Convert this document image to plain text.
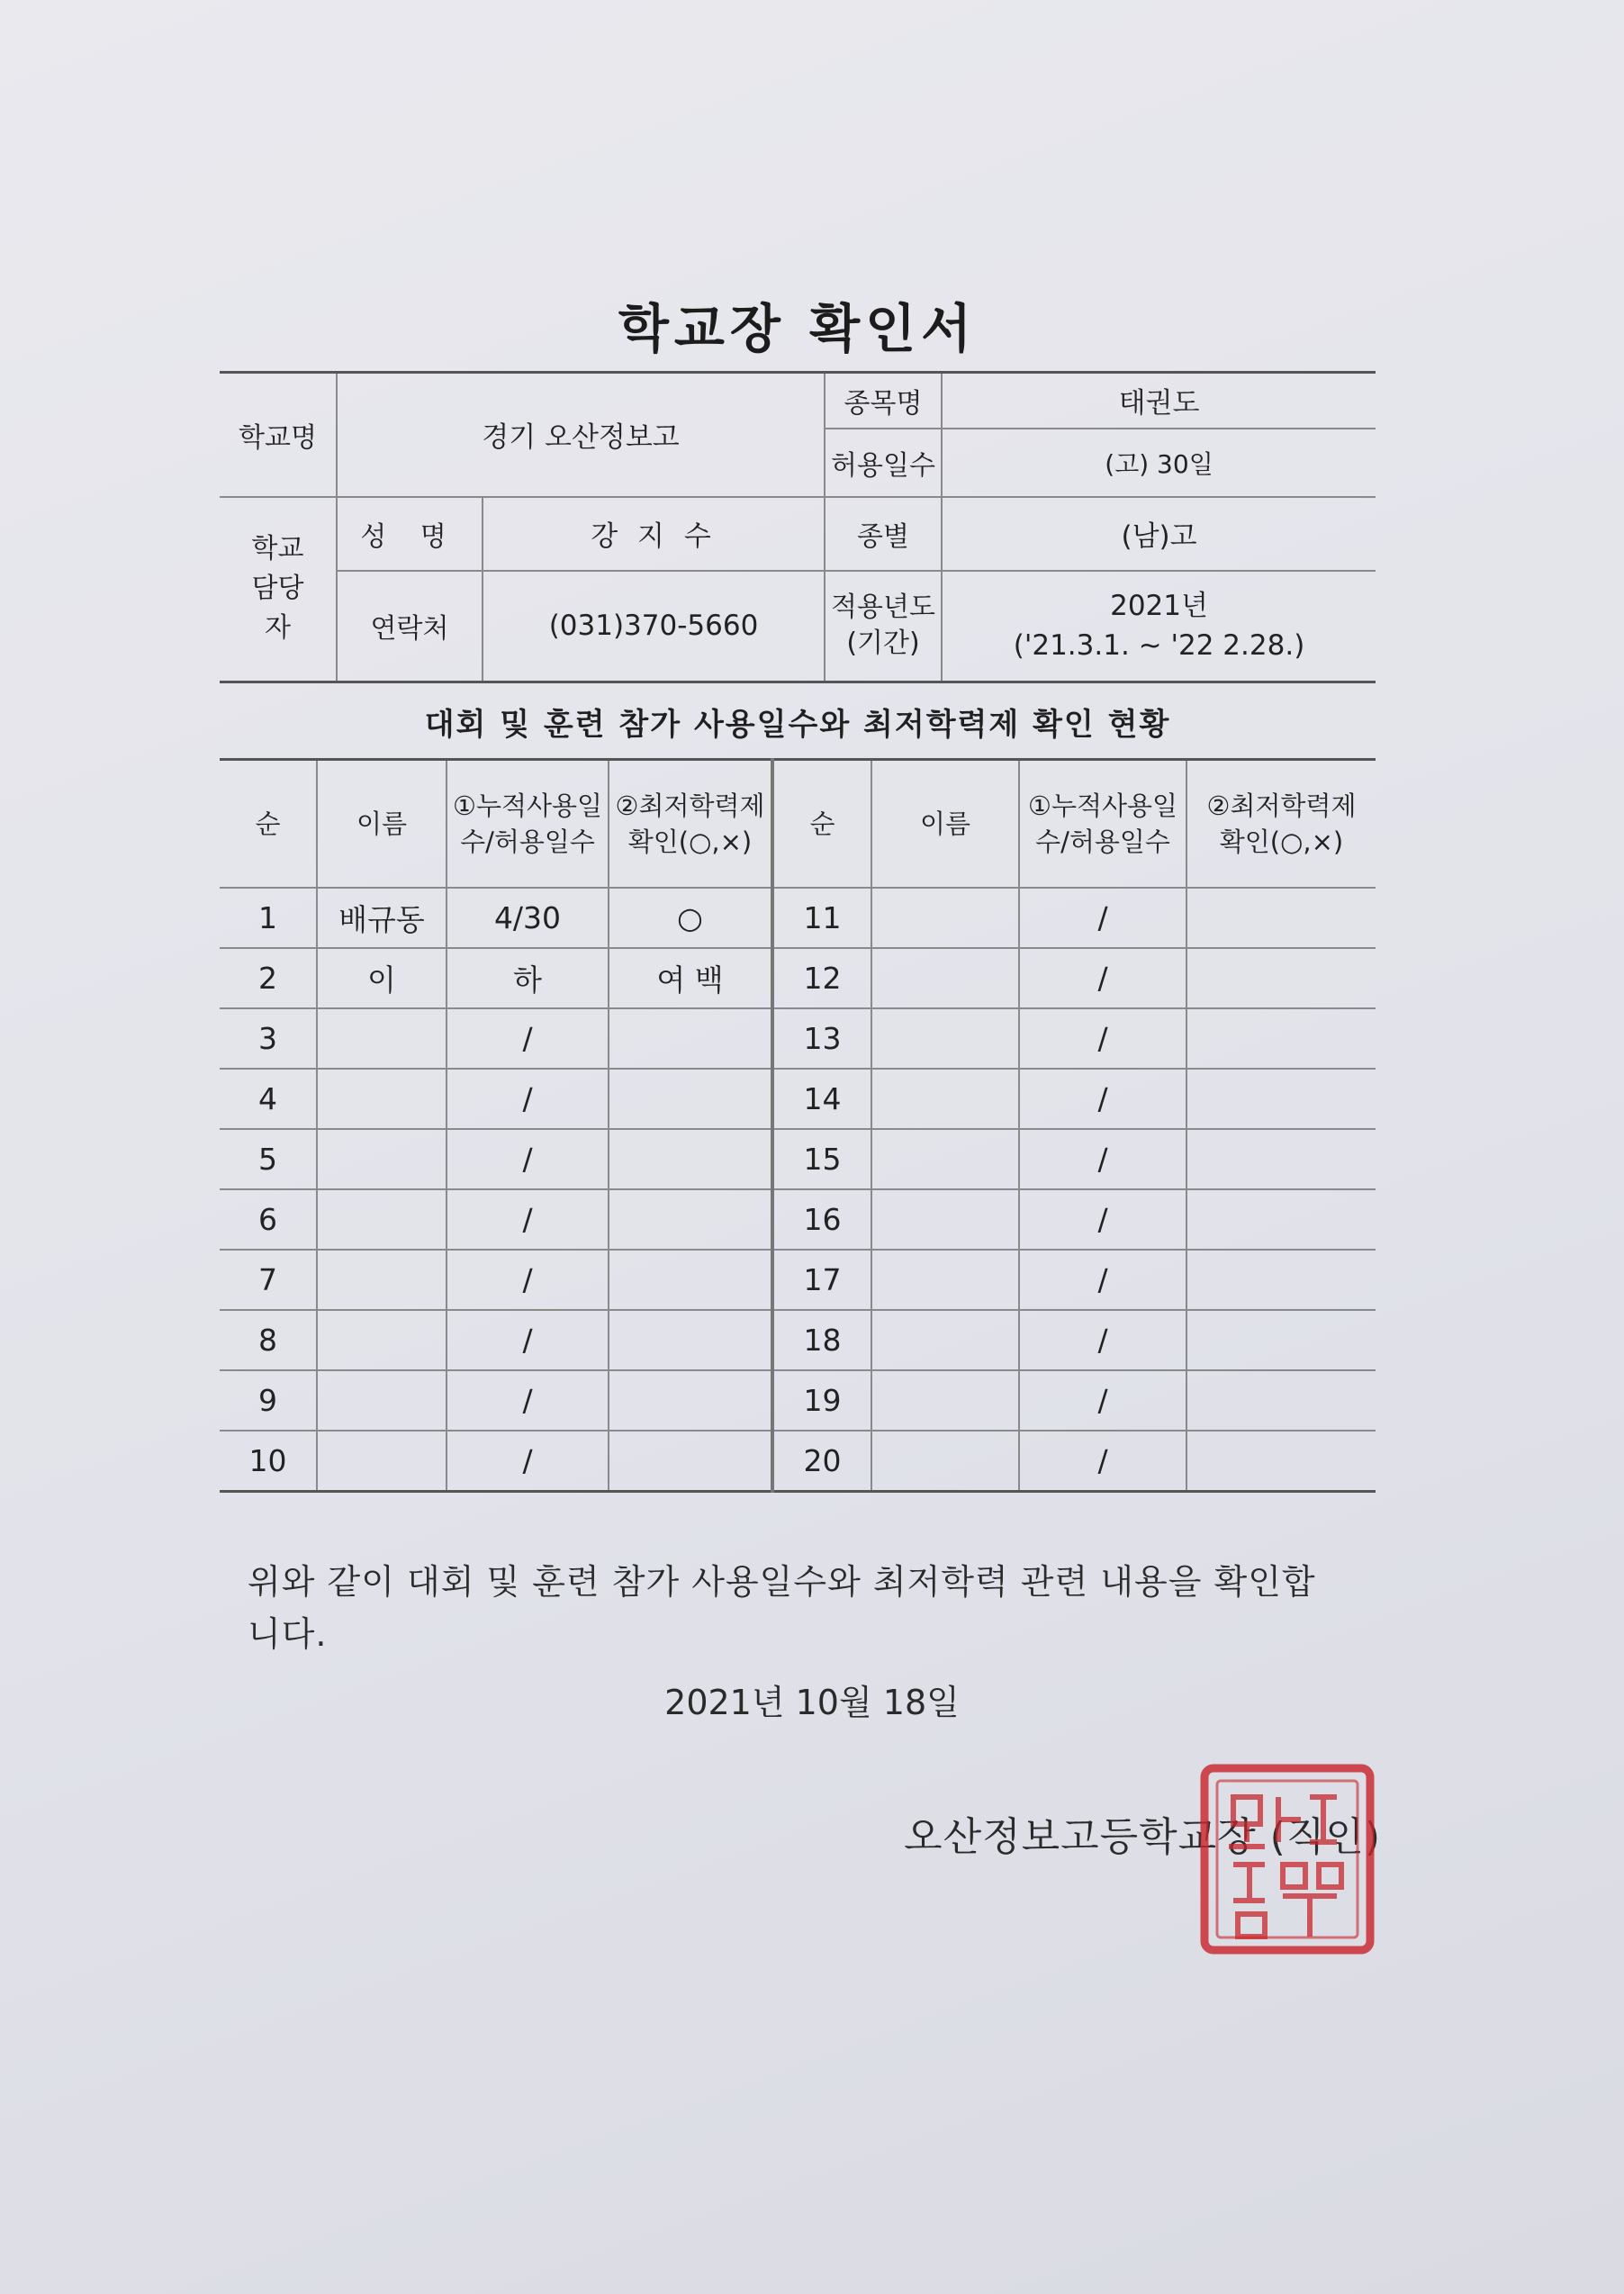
학교장 확인서
학교명	경기 오산정보고		종목명	태권도
			허용일수	(고) 30일
학교 담당자	성 명	강 지 수	종별	(남)고
	연락처	(031)370-5660	적용년도 (기간)	2021년
('21.3.1. ~ '22 2.28.)
대회 및 훈련 참가 사용일수와 최저학력제 확인 현황
순	이름	①누적사용일 수/허용일수	②최저학력제 확인(○,×)	순	이름	①누적사용일 수/허용일수	②최저학력제 확인(○,×)
1	배규동	4/30	○	11		/	
2	이	하	여 백	12		/	
3		/		13		/	
4		/		14		/	
5		/		15		/	
6		/		16		/	
7		/		17		/	
8		/		18		/	
9		/		19		/	
10		/		20		/	
위와 같이 대회 및 훈련 참가 사용일수와 최저학력 관련 내용을 확인합니다.
2021년 10월 18일
오산정보고등학교장 (직인)
